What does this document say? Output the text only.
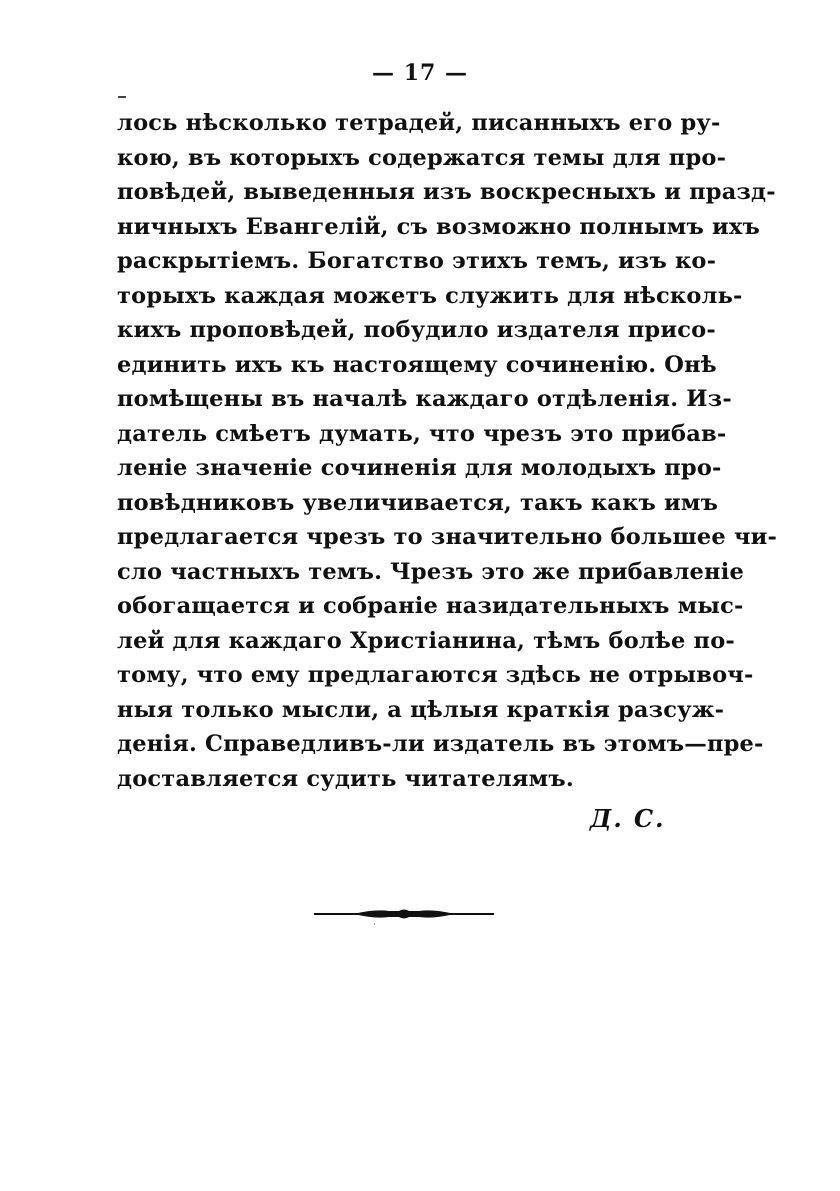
— 17 —
лось нѣсколько тетрадей, писанныхъ его ру-
кою, въ которыхъ содержатся темы для про-
повѣдей, выведенныя изъ воскресныхъ и празд-
ничныхъ Евангелій, съ возможно полнымъ ихъ
раскрытіемъ. Богатство этихъ темъ, изъ ко-
торыхъ каждая можетъ служить для нѣсколь-
кихъ проповѣдей, побудило издателя присо-
единить ихъ къ настоящему сочиненію. Онѣ
помѣщены въ началѣ каждаго отдѣленія. Из-
датель смѣетъ думать, что чрезъ это прибав-
леніе значеніе сочиненія для молодыхъ про-
повѣдниковъ увеличивается, такъ какъ имъ
предлагается чрезъ то значительно большее чи-
сло частныхъ темъ. Чрезъ это же прибавленіе
обогащается и собраніе назидательныхъ мыс-
лей для каждаго Христіанина, тѣмъ болѣе по-
тому, что ему предлагаются здѣсь не отрывоч-
ныя только мысли, а цѣлыя краткія разсуж-
денія. Справедливъ-ли издатель въ этомъ—пре-
доставляется судить читателямъ.
Д. С.
